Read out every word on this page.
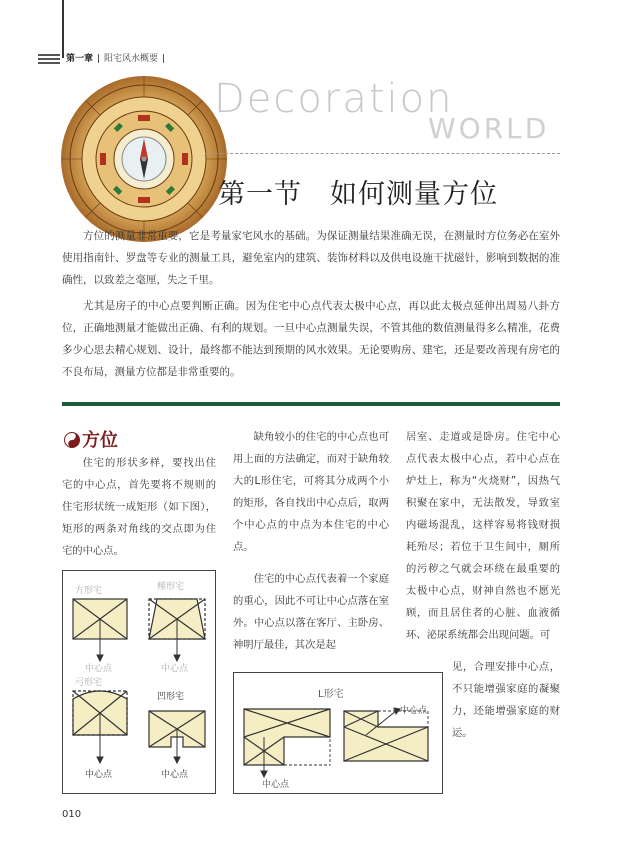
第一章 阳宅风水概要
Decoration
WORLD
第一节　如何测量方位

方位的测量非常重要，它是考量家宅风水的基础。为保证测量结果准确无误，在测量时方位务必在室外使用指南针、罗盘等专业的测量工具，避免室内的建筑、装饰材料以及供电设施干扰磁针，影响到数据的准确性，以致差之毫厘，失之千里。

尤其是房子的中心点要判断正确。因为住宅中心点代表太极中心点，再以此太极点延伸出周易八卦方位，正确地测量才能做出正确、有利的规划。一旦中心点测量失误，不管其他的数值测量得多么精准，花费多少心思去精心规划、设计，最终都不能达到预期的风水效果。无论要购房、建宅，还是要改善现有房宅的不良布局，测量方位都是非常重要的。

方位

住宅的形状多样，要找出住宅的中心点，首先要将不规则的住宅形状统一成矩形（如下图），矩形的两条对角线的交点即为住宅的中心点。

缺角较小的住宅的中心点也可用上面的方法确定，而对于缺角较大的L形住宅，可将其分成两个小的矩形，各自找出中心点后，取两个中心点的中点为本住宅的中心点。

住宅的中心点代表着一个家庭的重心，因此不可让中心点落在室外。中心点以落在客厅、主卧房、神明厅最佳，其次是起

居室、走道或是卧房。住宅中心点代表太极中心点，若中心点在炉灶上，称为“火烧财”，因热气积聚在家中，无法散发，导致室内磁场混乱，这样容易将钱财损耗殆尽；若位于卫生间中，厕所的污秽之气就会环绕在最重要的太极中心点，财神自然也不愿光顾，而且居住者的心脏、血液循环、泌尿系统都会出现问题。可

见，合理安排中心点，不只能增强家庭的凝聚力，还能增强家庭的财运。

方形宅	梯形宅
中心点	中心点
弓形宅
凹形宅
中心点	中心点
L形宅
中心点
中心点
010
